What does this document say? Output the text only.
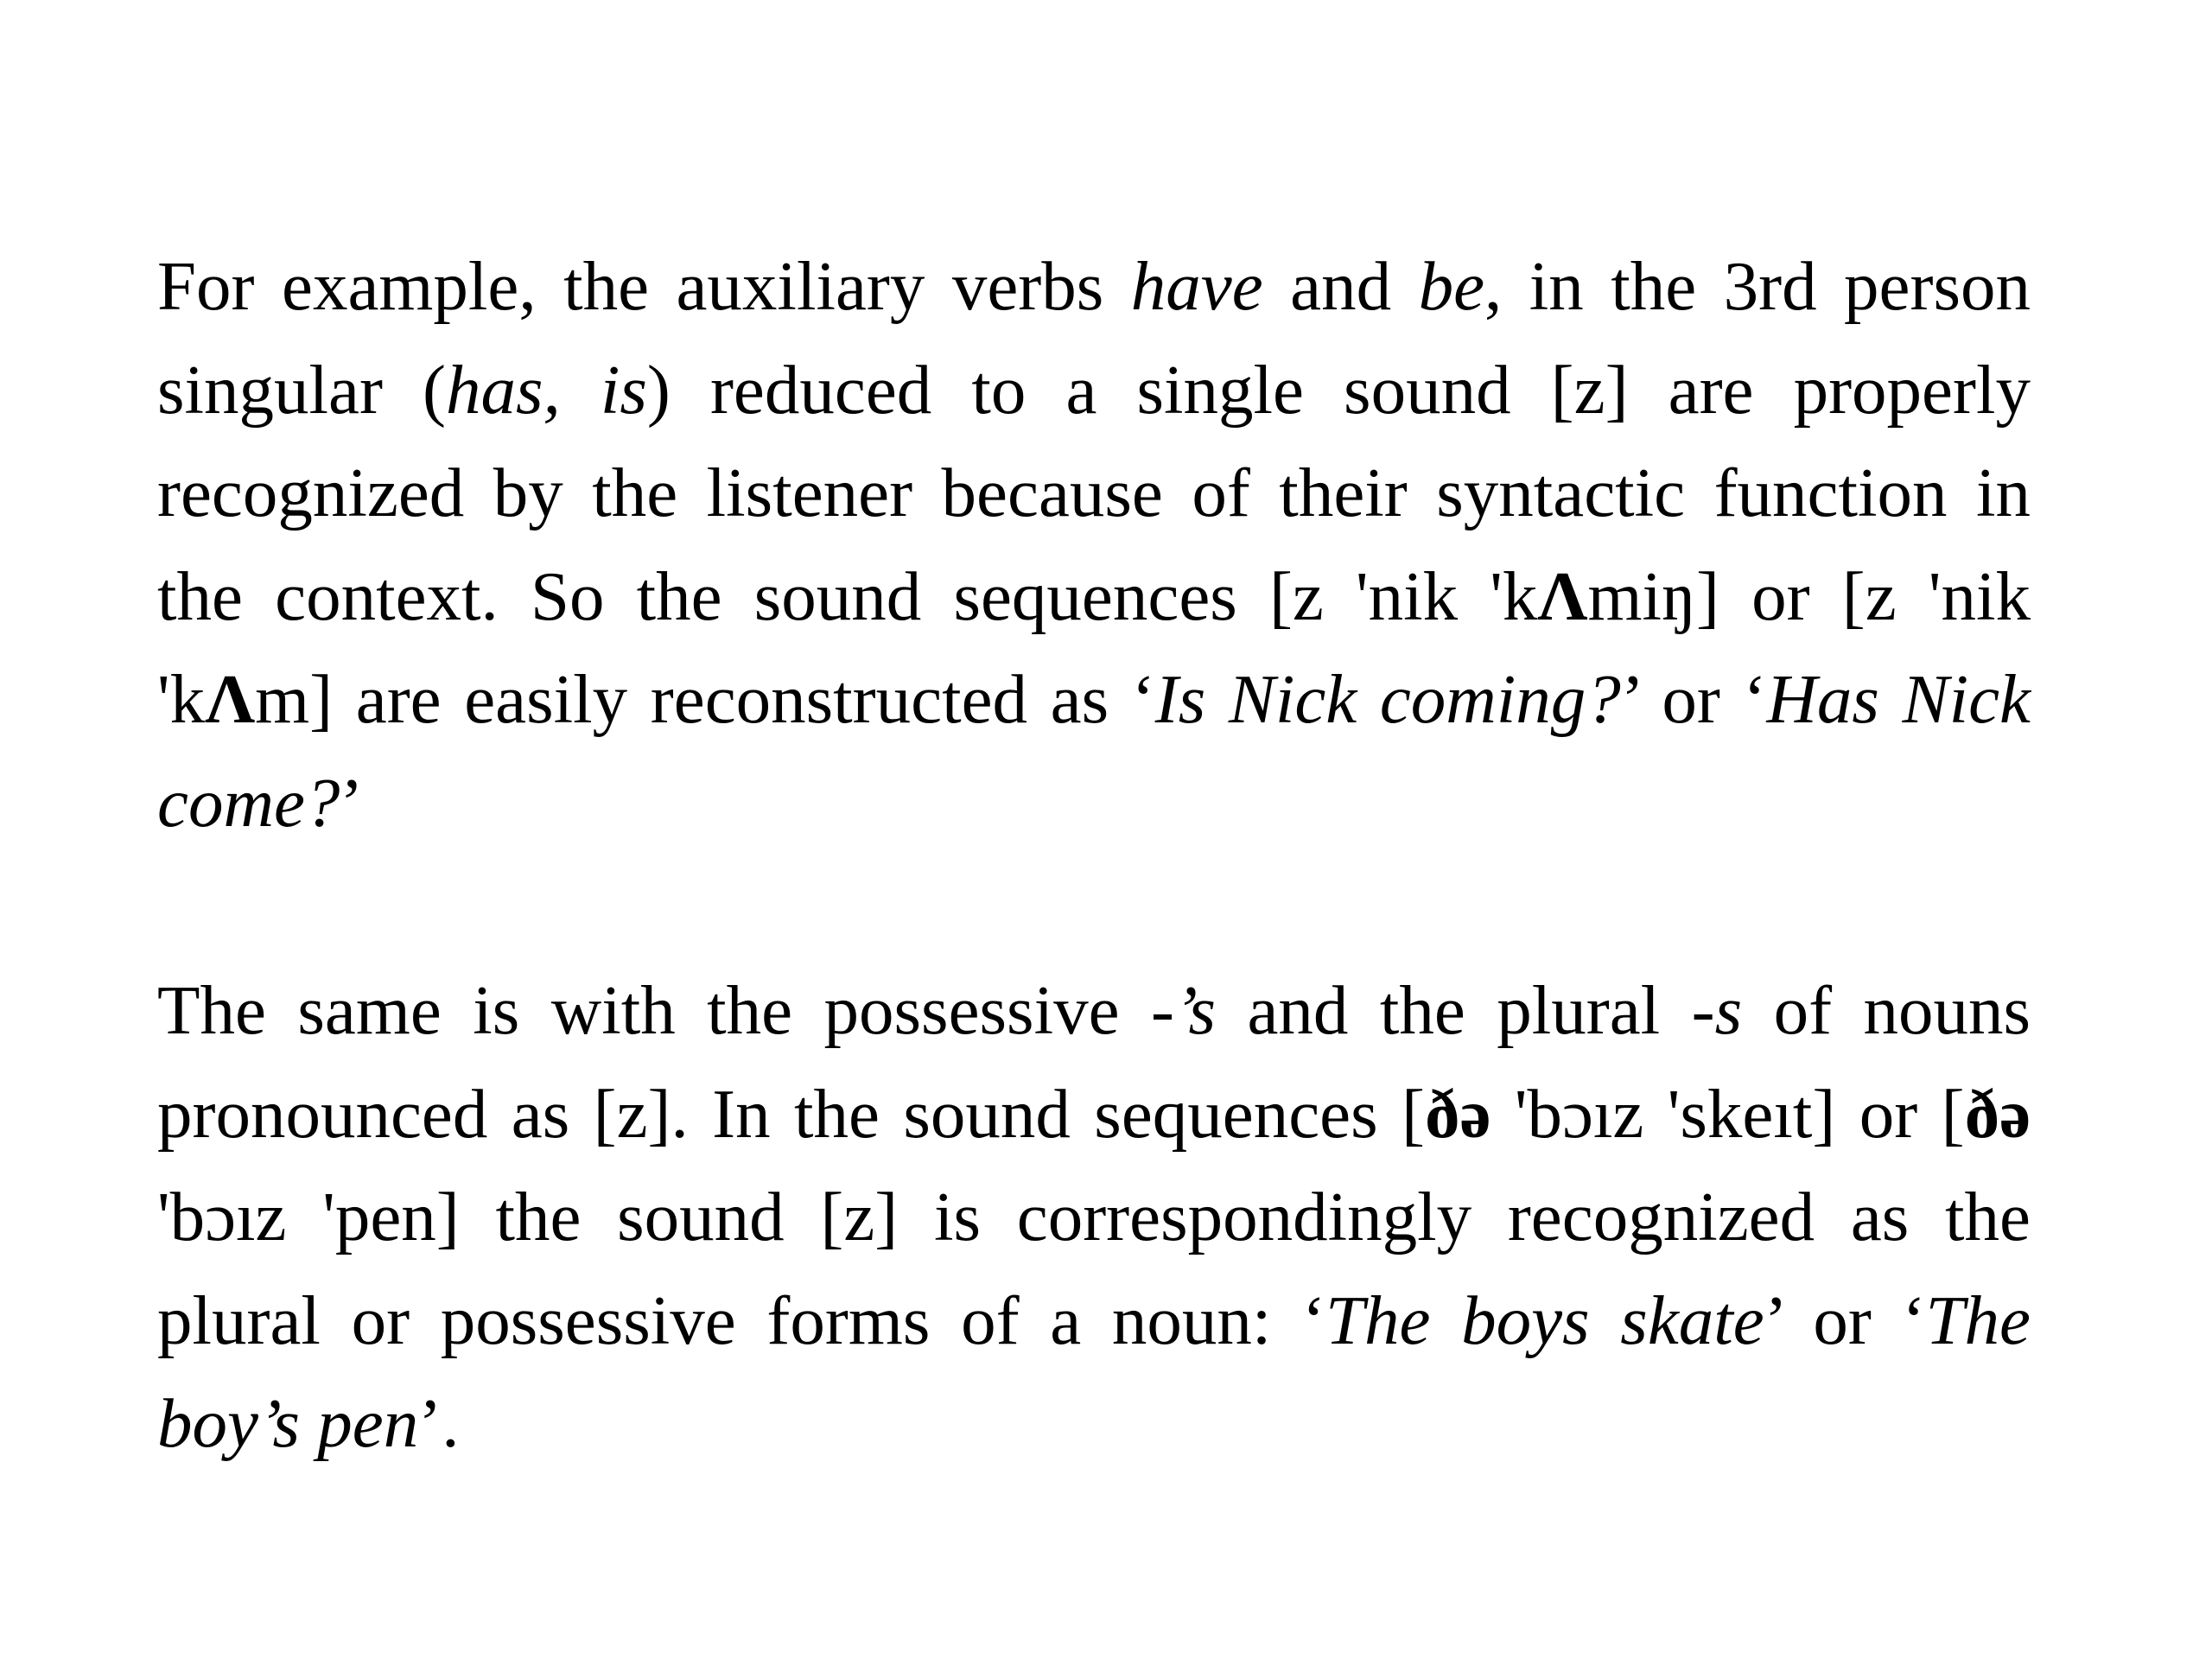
For example, the auxiliary verbs have and be, in the 3rd person singular (has, is) reduced to a single sound [z] are properly recognized by the listener because of their syntactic function in the context. So the sound sequences [z 'nik 'kΛmiŋ] or [z 'nik 'kΛm] are easily reconstructed as ‘Is Nick coming?’ or ‘Has Nick come?’

The same is with the possessive -’s and the plural -s of nouns pronounced as [z]. In the sound sequences [ðə 'bɔız 'skeıt] or [ðə 'bɔız 'pen] the sound [z] is correspondingly recognized as the plural or possessive forms of a noun: ‘The boys skate’ or ‘The boy’s pen’.
